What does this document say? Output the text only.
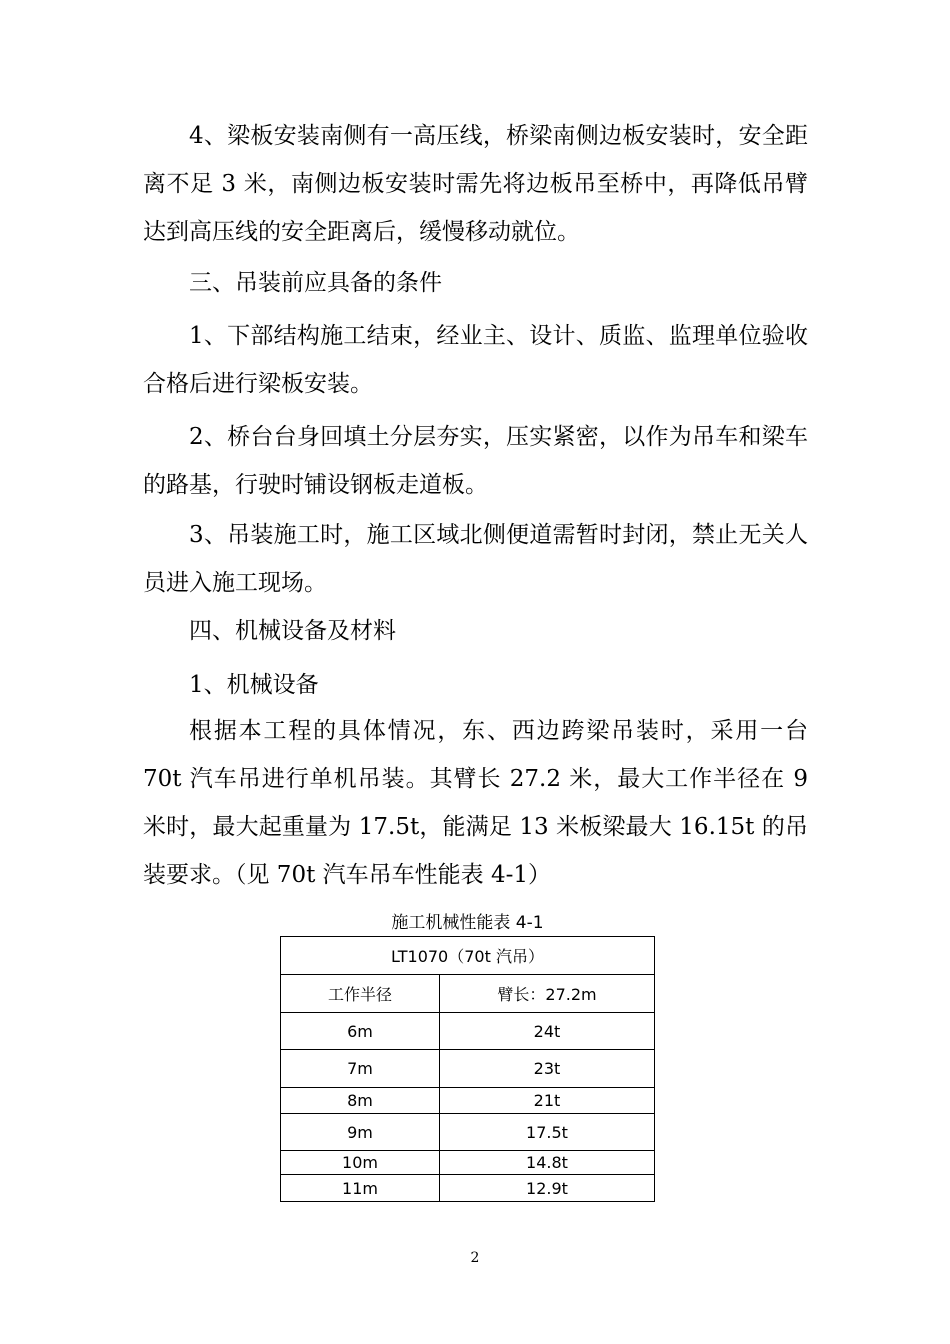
4、梁板安装南侧有一高压线，桥梁南侧边板安装时，安全距离不足 3 米，南侧边板安装时需先将边板吊至桥中，再降低吊臂达到高压线的安全距离后，缓慢移动就位。

三、吊装前应具备的条件

1、下部结构施工结束，经业主、设计、质监、监理单位验收合格后进行梁板安装。

2、桥台台身回填土分层夯实，压实紧密，以作为吊车和梁车的路基，行驶时铺设钢板走道板。

3、吊装施工时，施工区域北侧便道需暂时封闭，禁止无关人员进入施工现场。

四、机械设备及材料

1、机械设备

根据本工程的具体情况，东、西边跨梁吊装时，采用一台 70t 汽车吊进行单机吊装。其臂长 27.2 米，最大工作半径在 9 米时，最大起重量为 17.5t，能满足 13 米板梁最大 16.15t 的吊装要求。（见 70t 汽车吊车性能表 4-1）

施工机械性能表 4-1
LT1070（70t 汽吊）	
工作半径	臂长：27.2m
6m	24t
7m	23t
8m	21t
9m	17.5t
10m	14.8t
11m	12.9t
2
